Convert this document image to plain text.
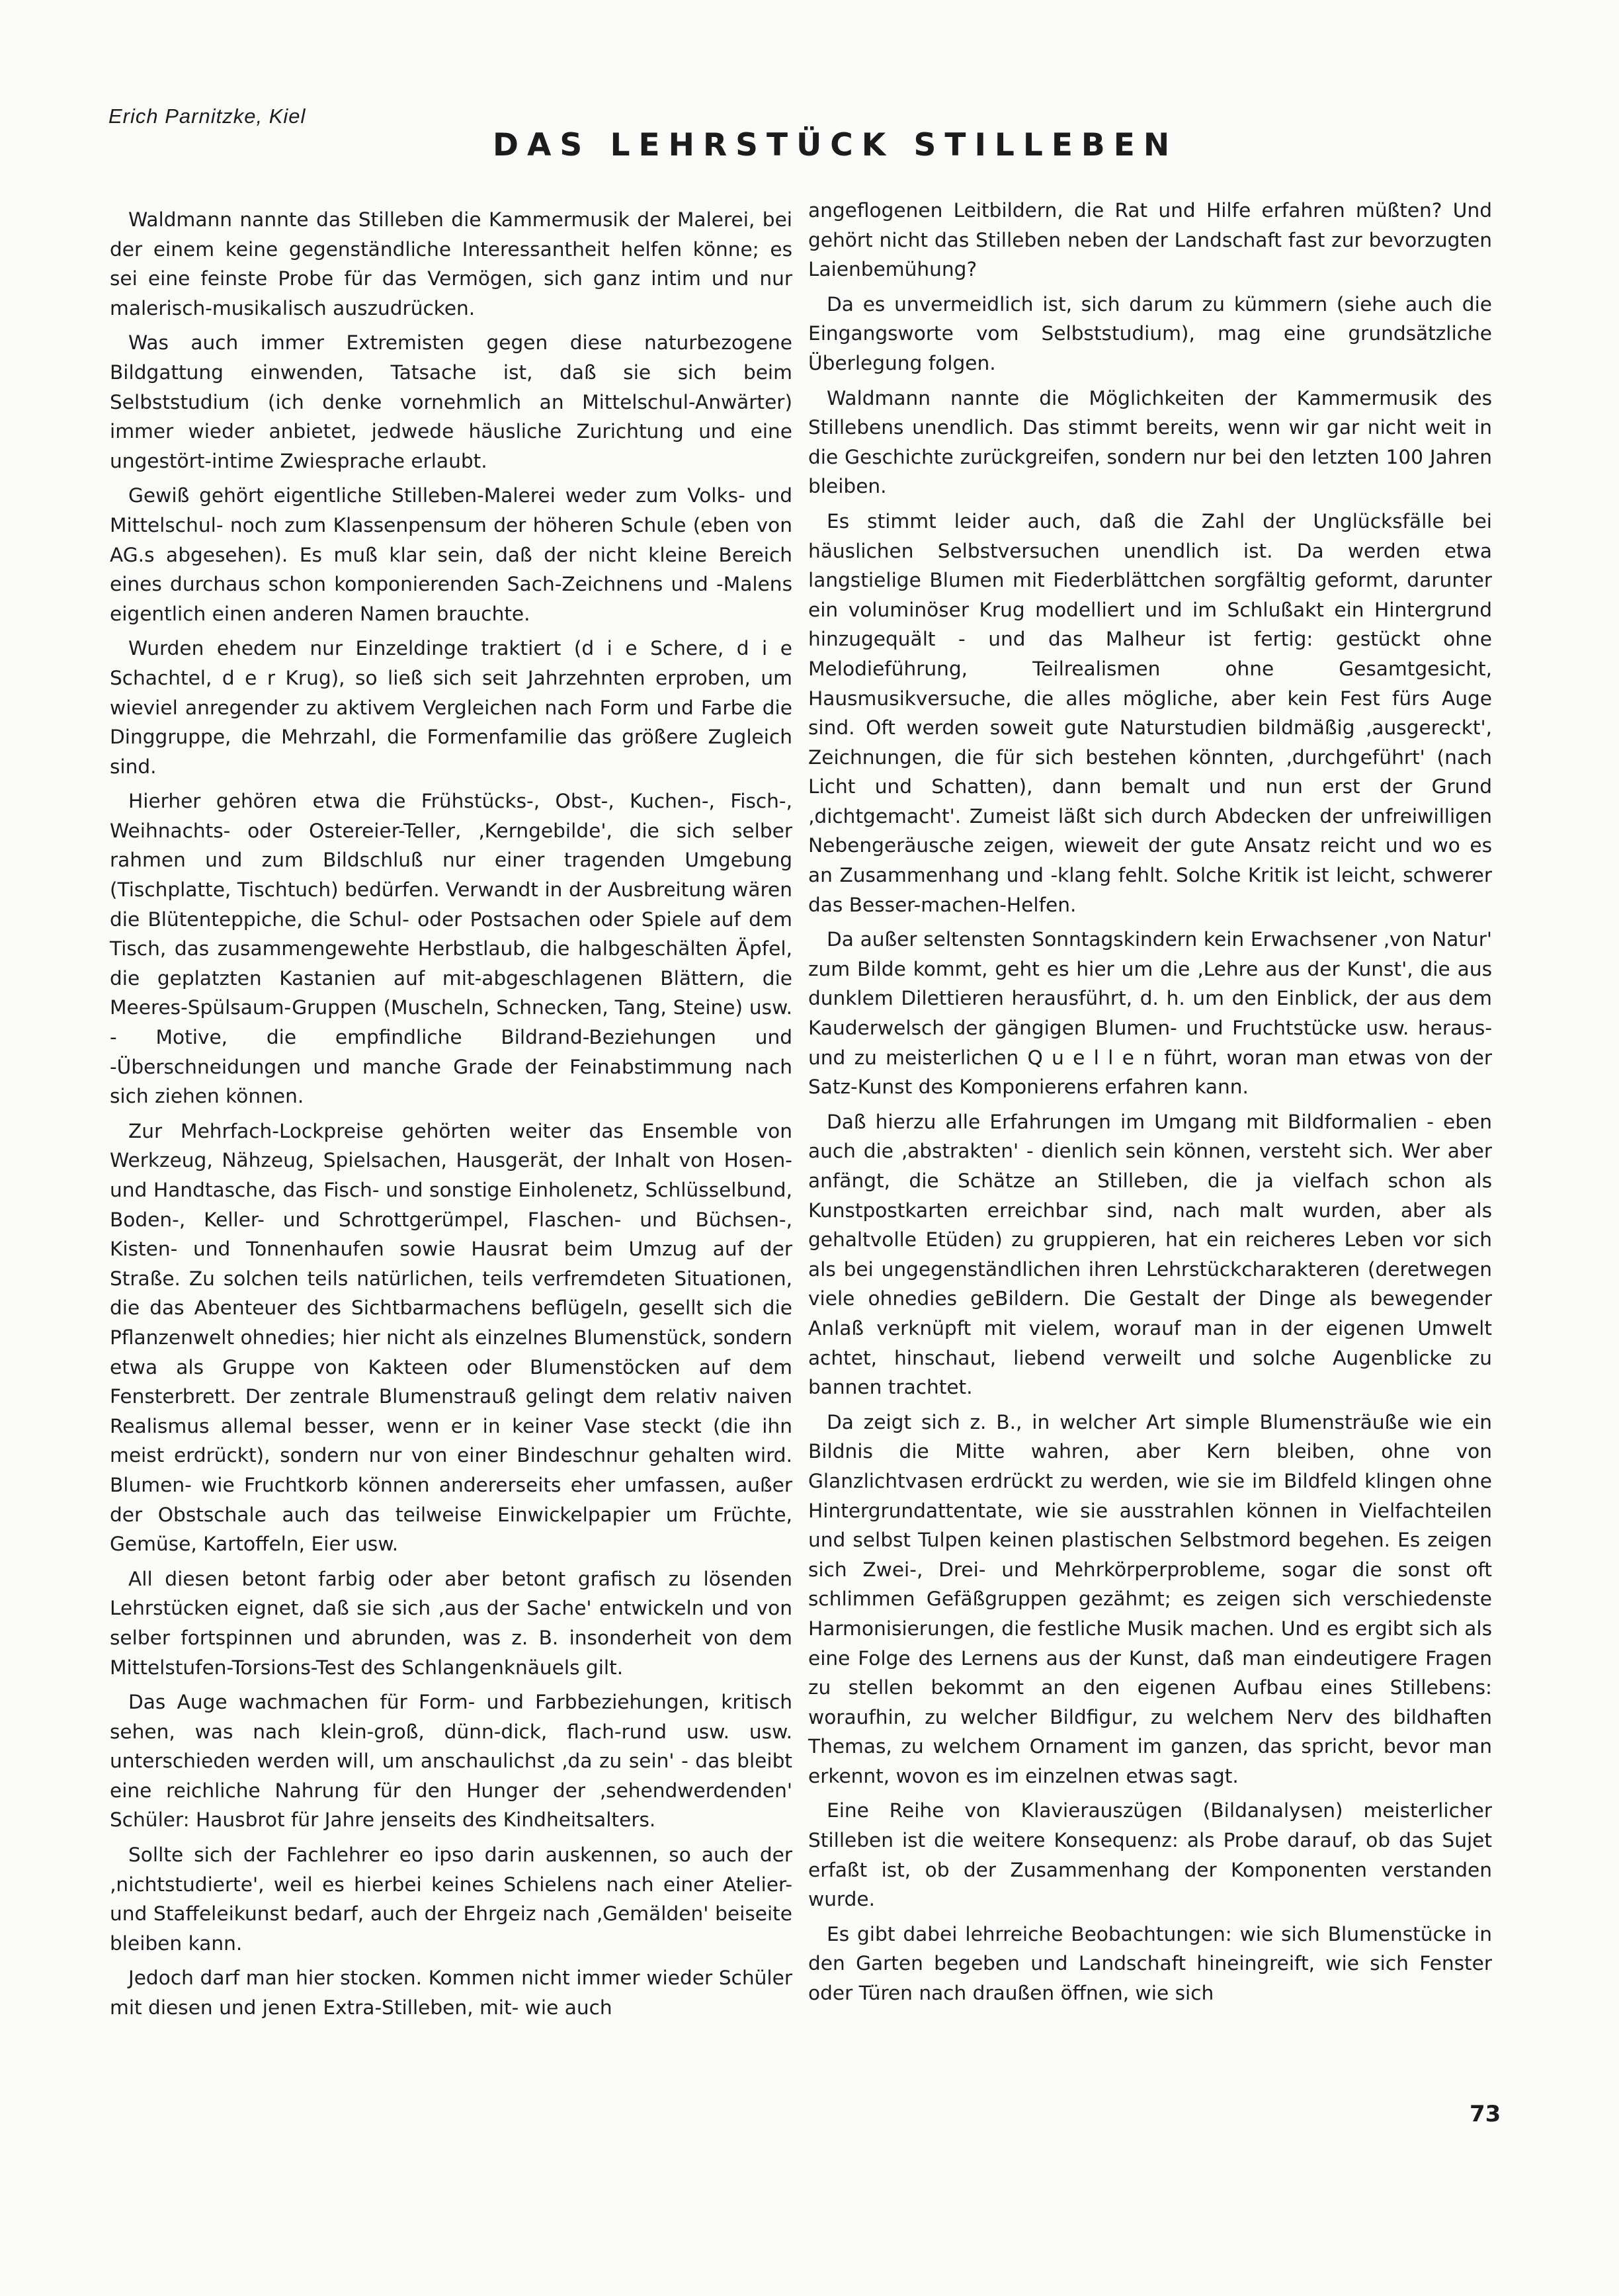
Erich Parnitzke, Kiel
DAS LEHRSTÜCK STILLEBEN

Waldmann nannte das Stilleben die Kammermusik der Malerei, bei der einem keine gegenständliche Interessantheit helfen könne; es sei eine feinste Probe für das Vermögen, sich ganz intim und nur malerisch-musikalisch auszudrücken.

Was auch immer Extremisten gegen diese naturbezogene Bildgattung einwenden, Tatsache ist, daß sie sich beim Selbststudium (ich denke vornehmlich an Mittelschul-Anwärter) immer wieder anbietet, jedwede häusliche Zurichtung und eine ungestört-intime Zwiesprache erlaubt.

Gewiß gehört eigentliche Stilleben-Malerei weder zum Volks- und Mittelschul- noch zum Klassenpensum der höheren Schule (eben von AG.s abgesehen). Es muß klar sein, daß der nicht kleine Bereich eines durchaus schon komponierenden Sach-Zeichnens und -Malens eigentlich einen anderen Namen brauchte.

Wurden ehedem nur Einzeldinge traktiert (d i e Schere, d i e Schachtel, d e r Krug), so ließ sich seit Jahrzehnten erproben, um wieviel anregender zu aktivem Vergleichen nach Form und Farbe die Dinggruppe, die Mehrzahl, die Formenfamilie das größere Zugleich sind.

Hierher gehören etwa die Frühstücks-, Obst-, Kuchen-, Fisch-, Weihnachts- oder Ostereier-Teller, ‚Kerngebilde', die sich selber rahmen und zum Bildschluß nur einer tragenden Umgebung (Tischplatte, Tischtuch) bedürfen. Verwandt in der Ausbreitung wären die Blütenteppiche, die Schul- oder Postsachen oder Spiele auf dem Tisch, das zusammengewehte Herbstlaub, die halbgeschälten Äpfel, die geplatzten Kastanien auf mit-abgeschlagenen Blättern, die Meeres-Spülsaum-Gruppen (Muscheln, Schnecken, Tang, Steine) usw. - Motive, die empfindliche Bildrand-Beziehungen und -Überschneidungen und manche Grade der Feinabstimmung nach sich ziehen können.

Zur Mehrfach-Lockpreise gehörten weiter das Ensemble von Werkzeug, Nähzeug, Spielsachen, Hausgerät, der Inhalt von Hosen- und Handtasche, das Fisch- und sonstige Einholenetz, Schlüsselbund, Boden-, Keller- und Schrottgerümpel, Flaschen- und Büchsen-, Kisten- und Tonnenhaufen sowie Hausrat beim Umzug auf der Straße. Zu solchen teils natürlichen, teils verfremdeten Situationen, die das Abenteuer des Sichtbarmachens beflügeln, gesellt sich die Pflanzenwelt ohnedies; hier nicht als einzelnes Blumenstück, sondern etwa als Gruppe von Kakteen oder Blumenstöcken auf dem Fensterbrett. Der zentrale Blumenstrauß gelingt dem relativ naiven Realismus allemal besser, wenn er in keiner Vase steckt (die ihn meist erdrückt), sondern nur von einer Bindeschnur gehalten wird. Blumen- wie Fruchtkorb können andererseits eher umfassen, außer der Obstschale auch das teilweise Einwickelpapier um Früchte, Gemüse, Kartoffeln, Eier usw.

All diesen betont farbig oder aber betont grafisch zu lösenden Lehrstücken eignet, daß sie sich ‚aus der Sache' entwickeln und von selber fortspinnen und abrunden, was z. B. insonderheit von dem Mittelstufen-Torsions-Test des Schlangenknäuels gilt.

Das Auge wachmachen für Form- und Farbbeziehungen, kritisch sehen, was nach klein-groß, dünn-dick, flach-rund usw. usw. unterschieden werden will, um anschaulichst ‚da zu sein' - das bleibt eine reichliche Nahrung für den Hunger der ‚sehendwerdenden' Schüler: Hausbrot für Jahre jenseits des Kindheitsalters.

Sollte sich der Fachlehrer eo ipso darin auskennen, so auch der ‚nichtstudierte', weil es hierbei keines Schielens nach einer Atelier- und Staffeleikunst bedarf, auch der Ehrgeiz nach ‚Gemälden' beiseite bleiben kann.

Jedoch darf man hier stocken. Kommen nicht immer wieder Schüler mit diesen und jenen Extra-Stilleben, mit- wie auch

angeflogenen Leitbildern, die Rat und Hilfe erfahren müßten? Und gehört nicht das Stilleben neben der Landschaft fast zur bevorzugten Laienbemühung?

Da es unvermeidlich ist, sich darum zu kümmern (siehe auch die Eingangsworte vom Selbststudium), mag eine grundsätzliche Überlegung folgen.

Waldmann nannte die Möglichkeiten der Kammermusik des Stillebens unendlich. Das stimmt bereits, wenn wir gar nicht weit in die Geschichte zurückgreifen, sondern nur bei den letzten 100 Jahren bleiben.

Es stimmt leider auch, daß die Zahl der Unglücksfälle bei häuslichen Selbstversuchen unendlich ist. Da werden etwa langstielige Blumen mit Fiederblättchen sorgfältig geformt, darunter ein voluminöser Krug modelliert und im Schlußakt ein Hintergrund hinzugequält - und das Malheur ist fertig: gestückt ohne Melodieführung, Teilrealismen ohne Gesamtgesicht, Hausmusikversuche, die alles mögliche, aber kein Fest fürs Auge sind. Oft werden soweit gute Naturstudien bildmäßig ‚ausgereckt', Zeichnungen, die für sich bestehen könnten, ‚durchgeführt' (nach Licht und Schatten), dann bemalt und nun erst der Grund ‚dichtgemacht'. Zumeist läßt sich durch Abdecken der unfreiwilligen Nebengeräusche zeigen, wieweit der gute Ansatz reicht und wo es an Zusammenhang und -klang fehlt. Solche Kritik ist leicht, schwerer das Besser-machen-Helfen.

Da außer seltensten Sonntagskindern kein Erwachsener ‚von Natur' zum Bilde kommt, geht es hier um die ‚Lehre aus der Kunst', die aus dunklem Dilettieren herausführt, d. h. um den Einblick, der aus dem Kauderwelsch der gängigen Blumen- und Fruchtstücke usw. heraus- und zu meisterlichen Q u e l l e n führt, woran man etwas von der Satz-Kunst des Komponierens erfahren kann.

Daß hierzu alle Erfahrungen im Umgang mit Bildformalien - eben auch die ‚abstrakten' - dienlich sein können, versteht sich. Wer aber anfängt, die Schätze an Stilleben, die ja vielfach schon als Kunstpostkarten erreichbar sind, nach malt wurden, aber als gehaltvolle Etüden) zu gruppieren, hat ein reicheres Leben vor sich als bei ungegenständlichen ihren Lehrstückcharakteren (deretwegen viele ohnedies geBildern. Die Gestalt der Dinge als bewegender Anlaß verknüpft mit vielem, worauf man in der eigenen Umwelt achtet, hinschaut, liebend verweilt und solche Augenblicke zu bannen trachtet.

Da zeigt sich z. B., in welcher Art simple Blumensträuße wie ein Bildnis die Mitte wahren, aber Kern bleiben, ohne von Glanzlichtvasen erdrückt zu werden, wie sie im Bildfeld klingen ohne Hintergrundattentate, wie sie ausstrahlen können in Vielfachteilen und selbst Tulpen keinen plastischen Selbstmord begehen. Es zeigen sich Zwei-, Drei- und Mehrkörperprobleme, sogar die sonst oft schlimmen Gefäßgruppen gezähmt; es zeigen sich verschiedenste Harmonisierungen, die festliche Musik machen. Und es ergibt sich als eine Folge des Lernens aus der Kunst, daß man eindeutigere Fragen zu stellen bekommt an den eigenen Aufbau eines Stillebens: woraufhin, zu welcher Bildfigur, zu welchem Nerv des bildhaften Themas, zu welchem Ornament im ganzen, das spricht, bevor man erkennt, wovon es im einzelnen etwas sagt.

Eine Reihe von Klavierauszügen (Bildanalysen) meisterlicher Stilleben ist die weitere Konsequenz: als Probe darauf, ob das Sujet erfaßt ist, ob der Zusammenhang der Komponenten verstanden wurde.

Es gibt dabei lehrreiche Beobachtungen: wie sich Blumenstücke in den Garten begeben und Landschaft hineingreift, wie sich Fenster oder Türen nach draußen öffnen, wie sich

73
